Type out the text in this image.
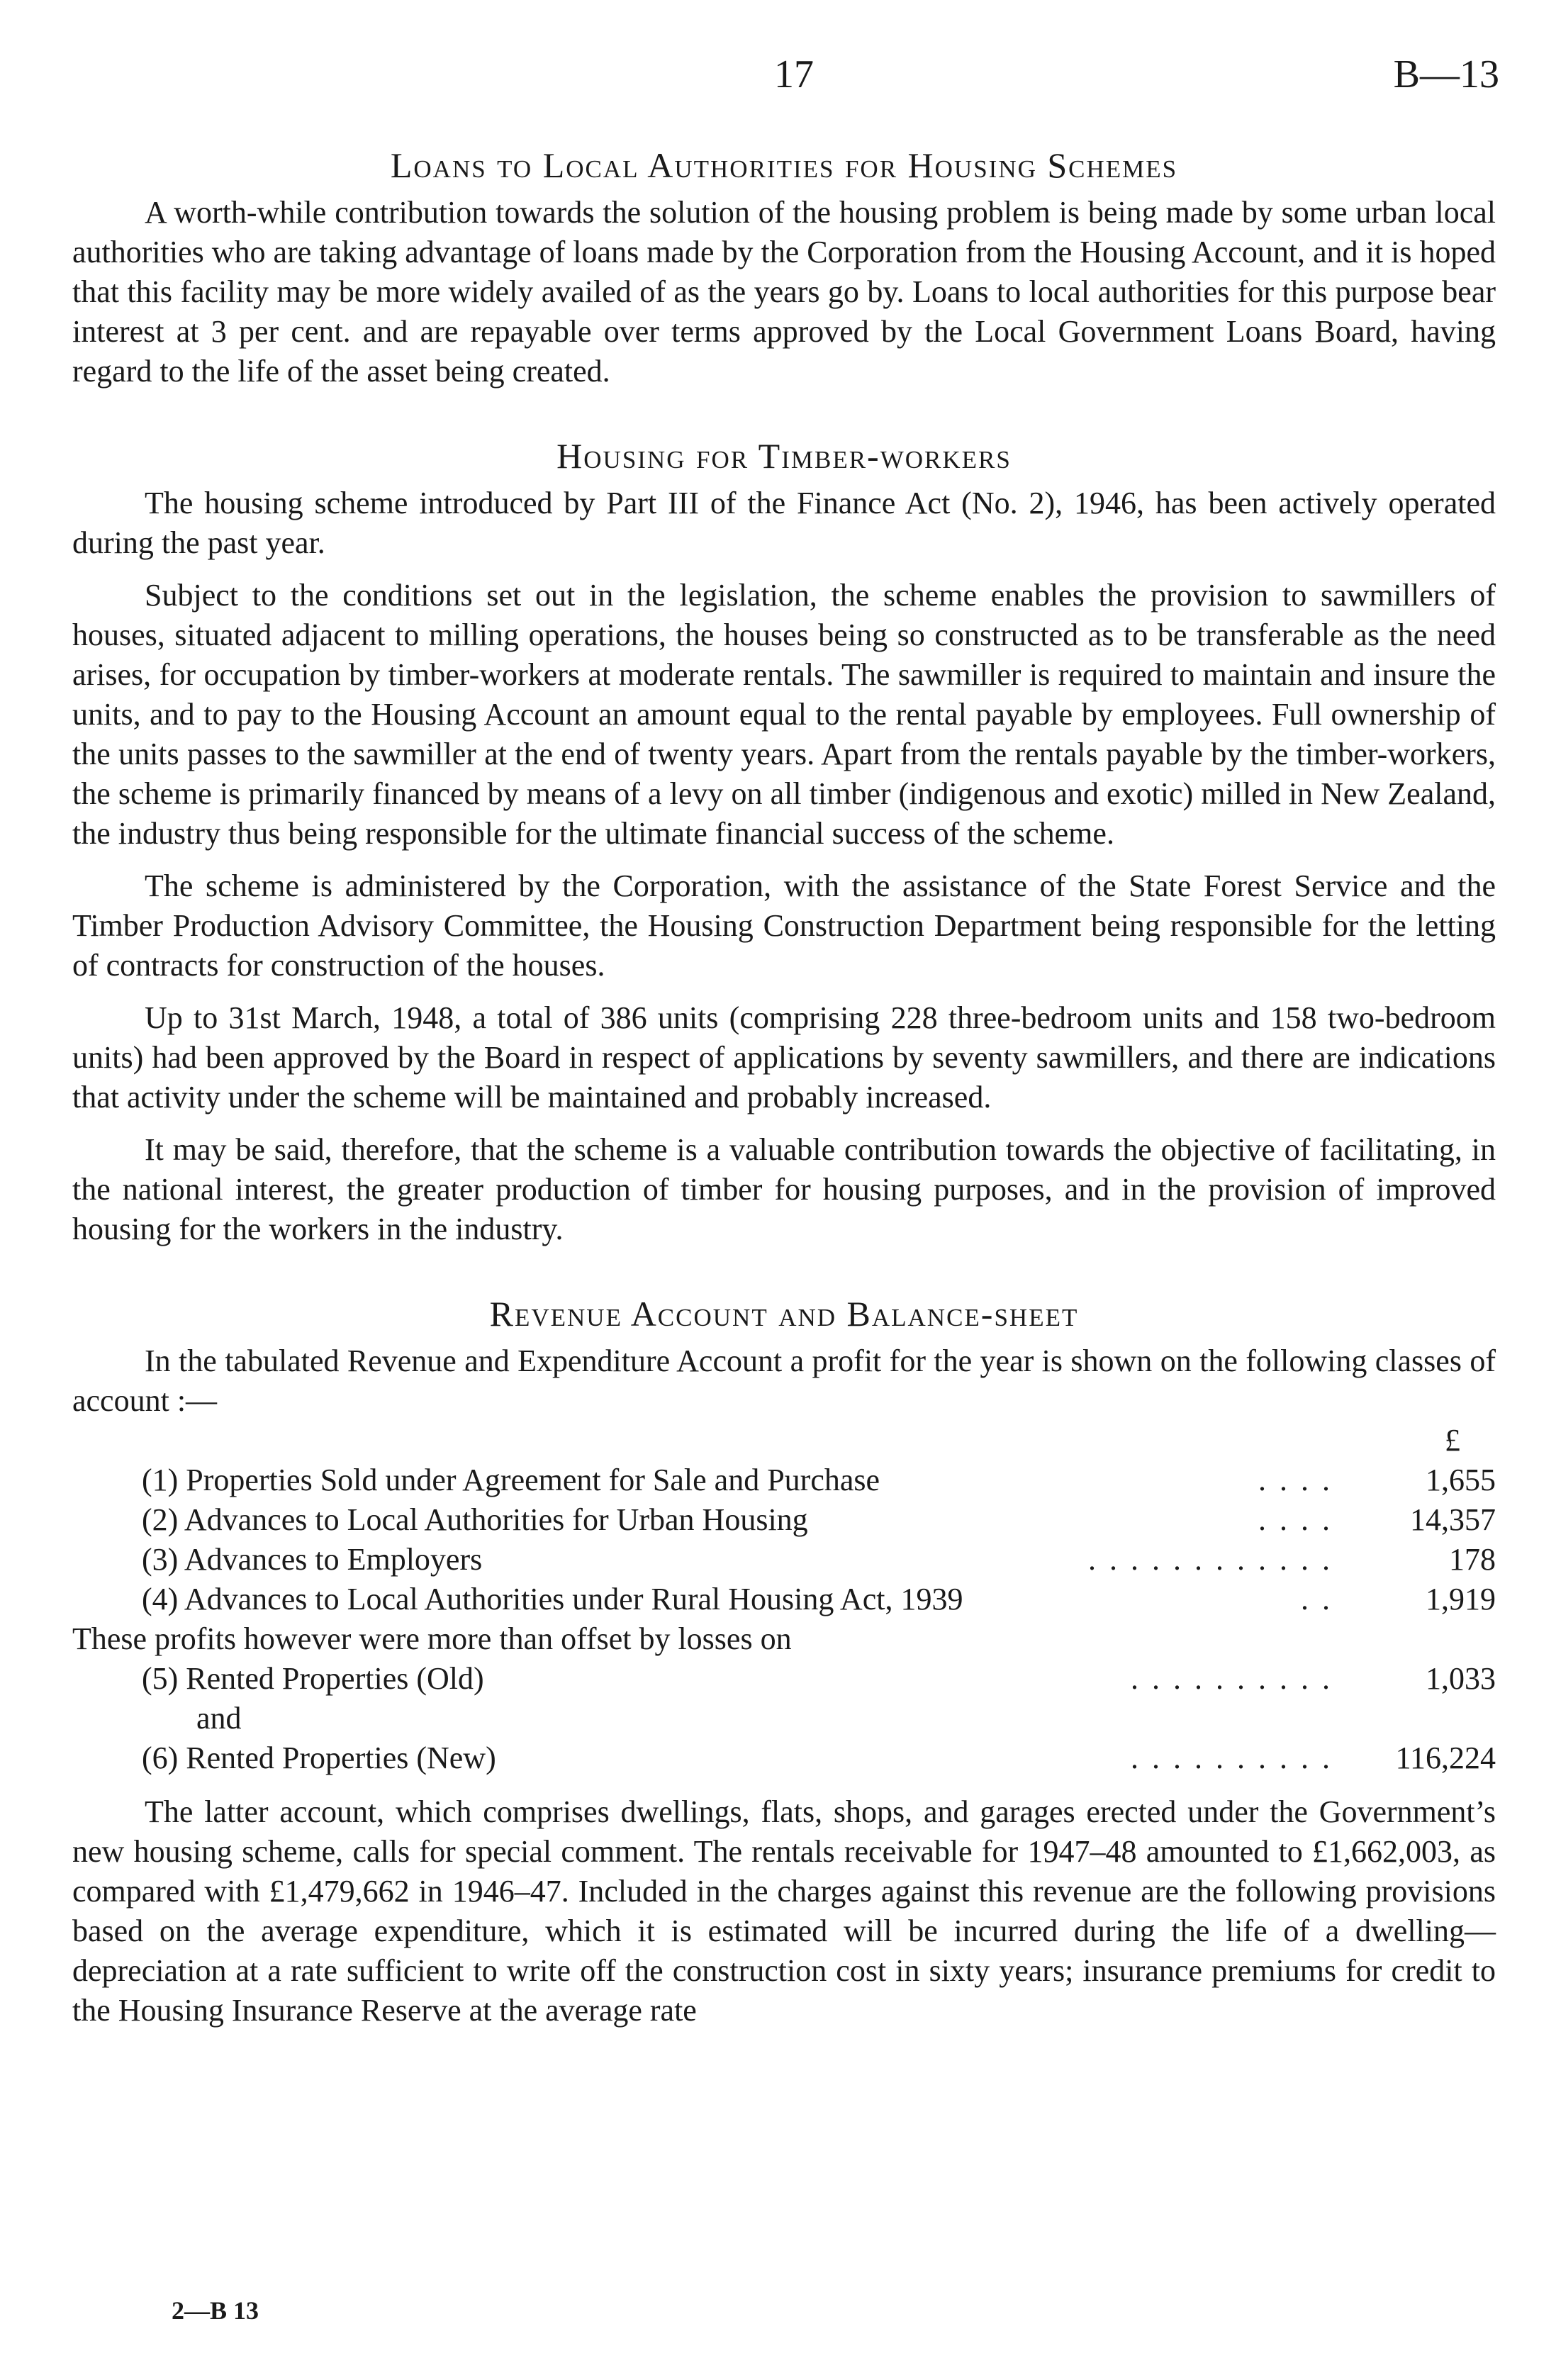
17	B—13
Loans to Local Authorities for Housing Schemes

A worth-while contribution towards the solution of the housing problem is being made by some urban local authorities who are taking advantage of loans made by the Corporation from the Housing Account, and it is hoped that this facility may be more widely availed of as the years go by. Loans to local authorities for this purpose bear interest at 3 per cent. and are repayable over terms approved by the Local Government Loans Board, having regard to the life of the asset being created.

Housing for Timber-workers

The housing scheme introduced by Part III of the Finance Act (No. 2), 1946, has been actively operated during the past year.

Subject to the conditions set out in the legislation, the scheme enables the provision to sawmillers of houses, situated adjacent to milling operations, the houses being so constructed as to be transferable as the need arises, for occupation by timber-workers at moderate rentals. The sawmiller is required to maintain and insure the units, and to pay to the Housing Account an amount equal to the rental payable by employees. Full ownership of the units passes to the sawmiller at the end of twenty years. Apart from the rentals payable by the timber-workers, the scheme is primarily financed by means of a levy on all timber (indigenous and exotic) milled in New Zealand, the industry thus being responsible for the ultimate financial success of the scheme.

The scheme is administered by the Corporation, with the assistance of the State Forest Service and the Timber Production Advisory Committee, the Housing Construction Department being responsible for the letting of contracts for construction of the houses.

Up to 31st March, 1948, a total of 386 units (comprising 228 three-bedroom units and 158 two-bedroom units) had been approved by the Board in respect of applications by seventy sawmillers, and there are indications that activity under the scheme will be maintained and probably increased.

It may be said, therefore, that the scheme is a valuable contribution towards the objective of facilitating, in the national interest, the greater production of timber for housing purposes, and in the provision of improved housing for the workers in the industry.

Revenue Account and Balance-sheet

In the tabulated Revenue and Expenditure Account a profit for the year is shown on the following classes of account :—

£
(1) Properties Sold under Agreement for Sale and Purchase	. . . .	1,655
(2) Advances to Local Authorities for Urban Housing	. . . . 14,357
(3) Advances to Employers	. . . . . . . . . . . .	178
(4) Advances to Local Authorities under Rural Housing Act, 1939	. .	1,919
These profits however were more than offset by losses on
(5) Rented Properties (Old)	. . . . . . . . . .	1,033
and
(6) Rented Properties (New)	. . . . . . . . . . 116,224

The latter account, which comprises dwellings, flats, shops, and garages erected under the Government’s new housing scheme, calls for special comment. The rentals receivable for 1947–48 amounted to £1,662,003, as compared with £1,479,662 in 1946–47. Included in the charges against this revenue are the following provisions based on the average expenditure, which it is estimated will be incurred during the life of a dwelling—depreciation at a rate sufficient to write off the construction cost in sixty years; insurance premiums for credit to the Housing Insurance Reserve at the average rate

2—B 13
